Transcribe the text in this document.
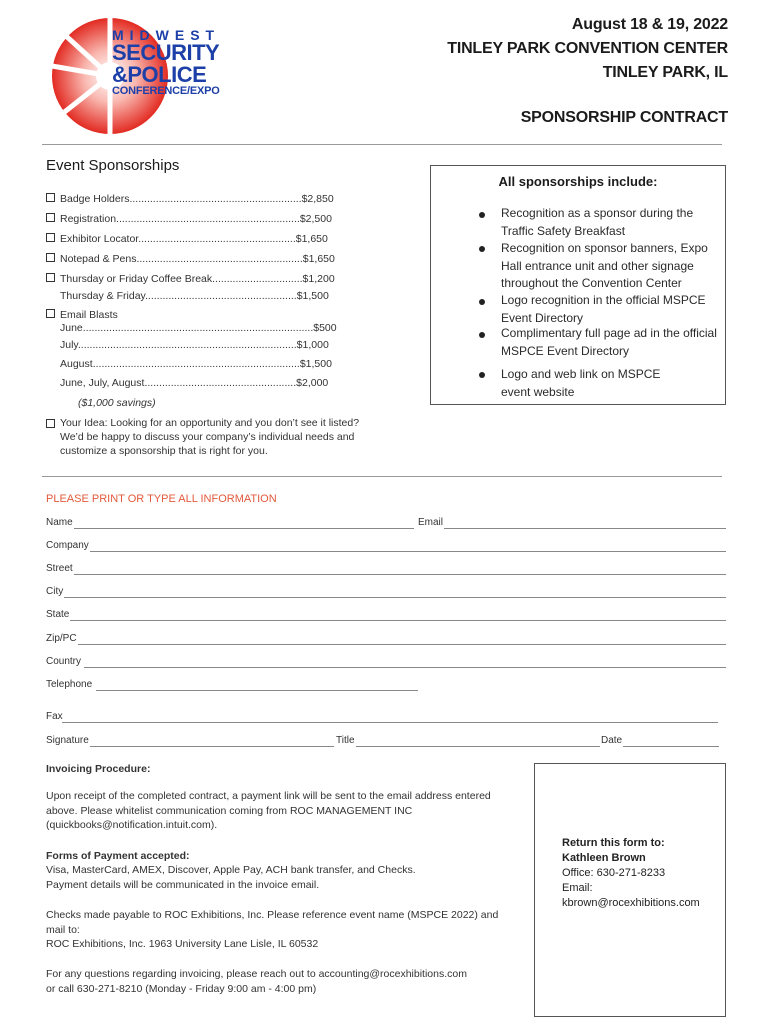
MIDWEST
SECURITY
&POLICE
CONFERENCE/EXPO
August 18 & 19, 2022
TINLEY PARK CONVENTION CENTER
TINLEY PARK, IL
SPONSORSHIP CONTRACT
Event Sponsorships
Badge Holders...........................................................$2,850
Registration...............................................................$2,500
Exhibitor Locator......................................................$1,650
Notepad & Pens.........................................................$1,650
Thursday or Friday Coffee Break...............................$1,200
Thursday & Friday....................................................$1,500
Email Blasts
June...............................................................................$500
July...........................................................................$1,000
August.......................................................................$1,500
June, July, August....................................................$2,000
($1,000 savings)
Your Idea: Looking for an opportunity and you don’t see it listed? We’d be happy to discuss your company’s individual needs and customize a sponsorship that is right for you.
All sponsorships include:
Recognition as a sponsor during the Traffic Safety Breakfast
Recognition on sponsor banners, Expo Hall entrance unit and other signage throughout the Convention Center
Logo recognition in the official MSPCE Event Directory
Complimentary full page ad in the official MSPCE Event Directory
Logo and web link on MSPCE event website
PLEASE PRINT OR TYPE ALL INFORMATION
Name	Email
Company
Street
City
State
Zip/PC
Country
Telephone
Fax
Signature	Title	Date
Invoicing Procedure:
Upon receipt of the completed contract, a payment link will be sent to the email address entered above. Please whitelist communication coming from ROC MANAGEMENT INC (quickbooks@notification.intuit.com).
Forms of Payment accepted:
Visa, MasterCard, AMEX, Discover, Apple Pay, ACH bank transfer, and Checks.
Payment details will be communicated in the invoice email.
Checks made payable to ROC Exhibitions, Inc. Please reference event name (MSPCE 2022) and
mail to:
ROC Exhibitions, Inc. 1963 University Lane Lisle, IL 60532
For any questions regarding invoicing, please reach out to accounting@rocexhibitions.com
or call 630-271-8210 (Monday - Friday 9:00 am - 4:00 pm)
Return this form to:
Kathleen Brown
Office: 630-271-8233
Email:
kbrown@rocexhibitions.com
